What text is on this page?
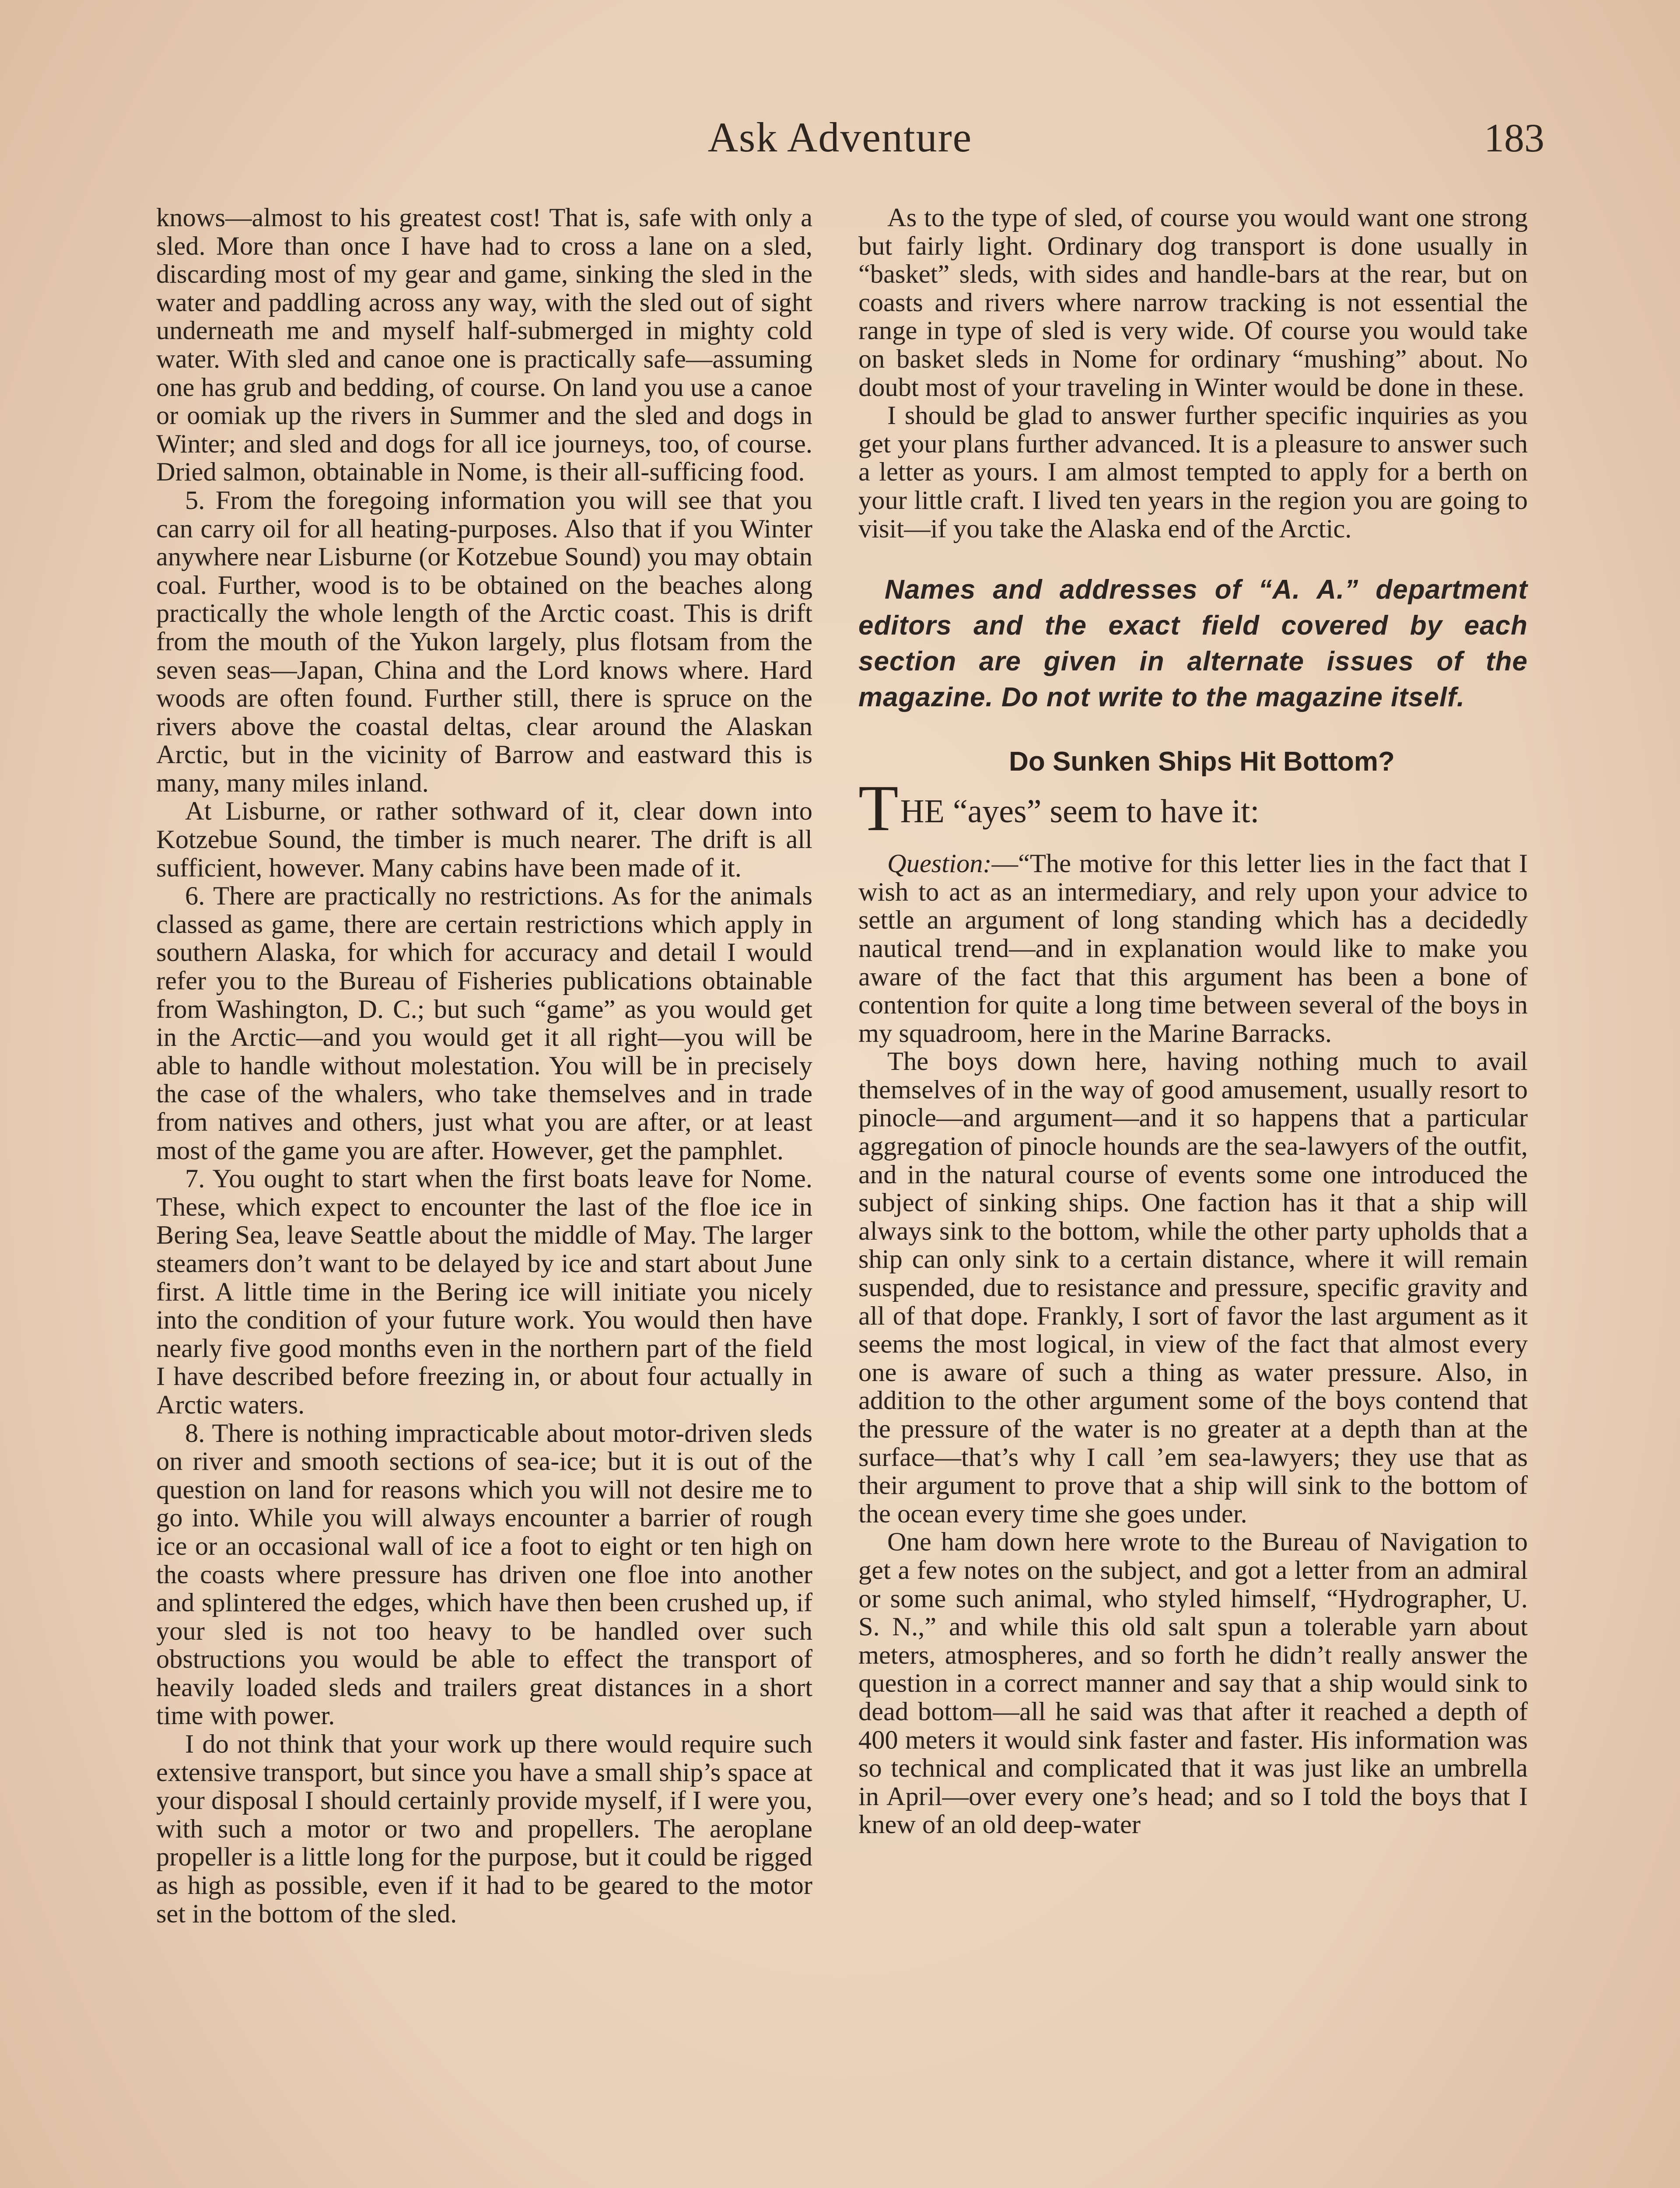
Ask Adventure	183

knows—almost to his greatest cost! That is, safe with only a sled. More than once I have had to cross a lane on a sled, discarding most of my gear and game, sinking the sled in the water and paddling across any way, with the sled out of sight underneath me and myself half-submerged in mighty cold water. With sled and canoe one is practically safe—assuming one has grub and bedding, of course. On land you use a canoe or oomiak up the rivers in Summer and the sled and dogs in Winter; and sled and dogs for all ice journeys, too, of course. Dried salmon, obtainable in Nome, is their all-sufficing food.

5. From the foregoing information you will see that you can carry oil for all heating-purposes. Also that if you Winter anywhere near Lisburne (or Kotzebue Sound) you may obtain coal. Further, wood is to be obtained on the beaches along practically the whole length of the Arctic coast. This is drift from the mouth of the Yukon largely, plus flotsam from the seven seas—Japan, China and the Lord knows where. Hard woods are often found. Further still, there is spruce on the rivers above the coastal deltas, clear around the Alaskan Arctic, but in the vicinity of Barrow and eastward this is many, many miles inland.

At Lisburne, or rather sothward of it, clear down into Kotzebue Sound, the timber is much nearer. The drift is all sufficient, however. Many cabins have been made of it.

6. There are practically no restrictions. As for the animals classed as game, there are certain restrictions which apply in southern Alaska, for which for accuracy and detail I would refer you to the Bureau of Fisheries publications obtainable from Washington, D. C.; but such “game” as you would get in the Arctic—and you would get it all right—you will be able to handle without molestation. You will be in precisely the case of the whalers, who take themselves and in trade from natives and others, just what you are after, or at least most of the game you are after. However, get the pamphlet.

7. You ought to start when the first boats leave for Nome. These, which expect to encounter the last of the floe ice in Bering Sea, leave Seattle about the middle of May. The larger steamers don’t want to be delayed by ice and start about June first. A little time in the Bering ice will initiate you nicely into the condition of your future work. You would then have nearly five good months even in the northern part of the field I have described before freezing in, or about four actually in Arctic waters.

8. There is nothing impracticable about motor-driven sleds on river and smooth sections of sea-ice; but it is out of the question on land for reasons which you will not desire me to go into. While you will always encounter a barrier of rough ice or an occasional wall of ice a foot to eight or ten high on the coasts where pressure has driven one floe into another and splintered the edges, which have then been crushed up, if your sled is not too heavy to be handled over such obstructions you would be able to effect the transport of heavily loaded sleds and trailers great distances in a short time with power.

I do not think that your work up there would require such extensive transport, but since you have a small ship’s space at your disposal I should certainly provide myself, if I were you, with such a motor or two and propellers. The aeroplane propeller is a little long for the purpose, but it could be rigged as high as possible, even if it had to be geared to the motor set in the bottom of the sled.

As to the type of sled, of course you would want one strong but fairly light. Ordinary dog transport is done usually in “basket” sleds, with sides and handle-bars at the rear, but on coasts and rivers where narrow tracking is not essential the range in type of sled is very wide. Of course you would take on basket sleds in Nome for ordinary “mushing” about. No doubt most of your traveling in Winter would be done in these.

I should be glad to answer further specific inquiries as you get your plans further advanced. It is a pleasure to answer such a letter as yours. I am almost tempted to apply for a berth on your little craft. I lived ten years in the region you are going to visit—if you take the Alaska end of the Arctic.

Names and addresses of “A. A.” department editors and the exact field covered by each section are given in alternate issues of the magazine. Do not write to the magazine itself.

Do Sunken Ships Hit Bottom?

THE “ayes” seem to have it:

Question:—“The motive for this letter lies in the fact that I wish to act as an intermediary, and rely upon your advice to settle an argument of long standing which has a decidedly nautical trend—and in explanation would like to make you aware of the fact that this argument has been a bone of contention for quite a long time between several of the boys in my squadroom, here in the Marine Barracks.

The boys down here, having nothing much to avail themselves of in the way of good amusement, usually resort to pinocle—and argument—and it so happens that a particular aggregation of pinocle hounds are the sea-lawyers of the outfit, and in the natural course of events some one introduced the subject of sinking ships. One faction has it that a ship will always sink to the bottom, while the other party upholds that a ship can only sink to a certain distance, where it will remain suspended, due to resistance and pressure, specific gravity and all of that dope. Frankly, I sort of favor the last argument as it seems the most logical, in view of the fact that almost every one is aware of such a thing as water pressure. Also, in addition to the other argument some of the boys contend that the pressure of the water is no greater at a depth than at the surface—that’s why I call ’em sea-lawyers; they use that as their argument to prove that a ship will sink to the bottom of the ocean every time she goes under.

One ham down here wrote to the Bureau of Navigation to get a few notes on the subject, and got a letter from an admiral or some such animal, who styled himself, “Hydrographer, U. S. N.,” and while this old salt spun a tolerable yarn about meters, atmospheres, and so forth he didn’t really answer the question in a correct manner and say that a ship would sink to dead bottom—all he said was that after it reached a depth of 400 meters it would sink faster and faster. His information was so technical and complicated that it was just like an umbrella in April—over every one’s head; and so I told the boys that I knew of an old deep-water
